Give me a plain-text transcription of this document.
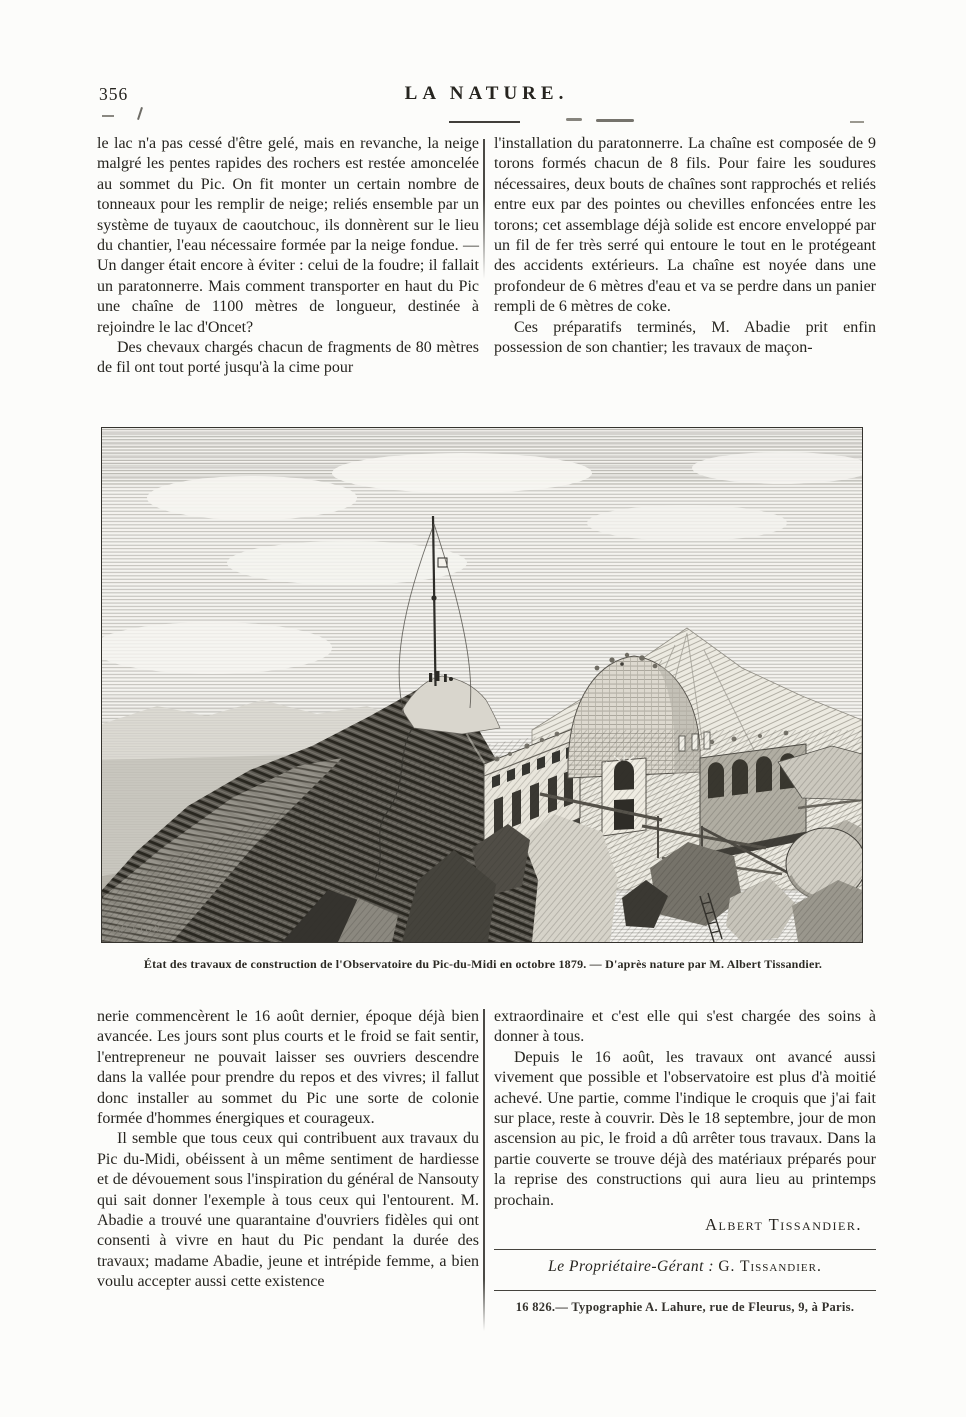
356	LA NATURE.

le lac n'a pas cessé d'être gelé, mais en revanche, la neige malgré les pentes rapides des rochers est restée amoncelée au sommet du Pic. On fit monter un certain nombre de tonneaux pour les remplir de neige; reliés ensemble par un système de tuyaux de caoutchouc, ils donnèrent sur le lieu du chantier, l'eau nécessaire formée par la neige fondue. — Un danger était encore à éviter : celui de la foudre; il fallait un paratonnerre. Mais comment transporter en haut du Pic une chaîne de 1100 mètres de longueur, destinée à rejoindre le lac d'Oncet?

Des chevaux chargés chacun de fragments de 80 mètres de fil ont tout porté jusqu'à la cime pour

l'installation du paratonnerre. La chaîne est composée de 9 torons formés chacun de 8 fils. Pour faire les soudures nécessaires, deux bouts de chaînes sont rapprochés et reliés entre eux par des pointes ou chevilles enfoncées entre les torons; cet assemblage déjà solide est encore enveloppé par un fil de fer très serré qui entoure le tout en le protégeant des accidents extérieurs. La chaîne est noyée dans une profondeur de 6 mètres d'eau et va se perdre dans un panier rempli de 6 mètres de coke.

Ces préparatifs terminés, M. Abadie prit enfin possession de son chantier; les travaux de maçon-

SMEETON
État des travaux de construction de l'Observatoire du Pic-du-Midi en octobre 1879. — D'après nature par M. Albert Tissandier.

nerie commencèrent le 16 août dernier, époque déjà bien avancée. Les jours sont plus courts et le froid se fait sentir, l'entrepreneur ne pouvait laisser ses ouvriers descendre dans la vallée pour prendre du repos et des vivres; il fallut donc installer au sommet du Pic une sorte de colonie formée d'hommes énergiques et courageux.

Il semble que tous ceux qui contribuent aux travaux du Pic du-Midi, obéissent à un même sentiment de hardiesse et de dévouement sous l'inspiration du général de Nansouty qui sait donner l'exemple à tous ceux qui l'entourent. M. Abadie a trouvé une quarantaine d'ouvriers fidèles qui ont consenti à vivre en haut du Pic pendant la durée des travaux; madame Abadie, jeune et intrépide femme, a bien voulu accepter aussi cette existence

extraordinaire et c'est elle qui s'est chargée des soins à donner à tous.

Depuis le 16 août, les travaux ont avancé aussi vivement que possible et l'observatoire est plus d'à moitié achevé. Une partie, comme l'indique le croquis que j'ai fait sur place, reste à couvrir. Dès le 18 septembre, jour de mon ascension au pic, le froid a dû arrêter tous travaux. Dans la partie couverte se trouve déjà des matériaux préparés pour la reprise des constructions qui aura lieu au printemps prochain.

Albert Tissandier.
Le Propriétaire-Gérant : G. Tissandier.
16 826.— Typographie A. Lahure, rue de Fleurus, 9, à Paris.
